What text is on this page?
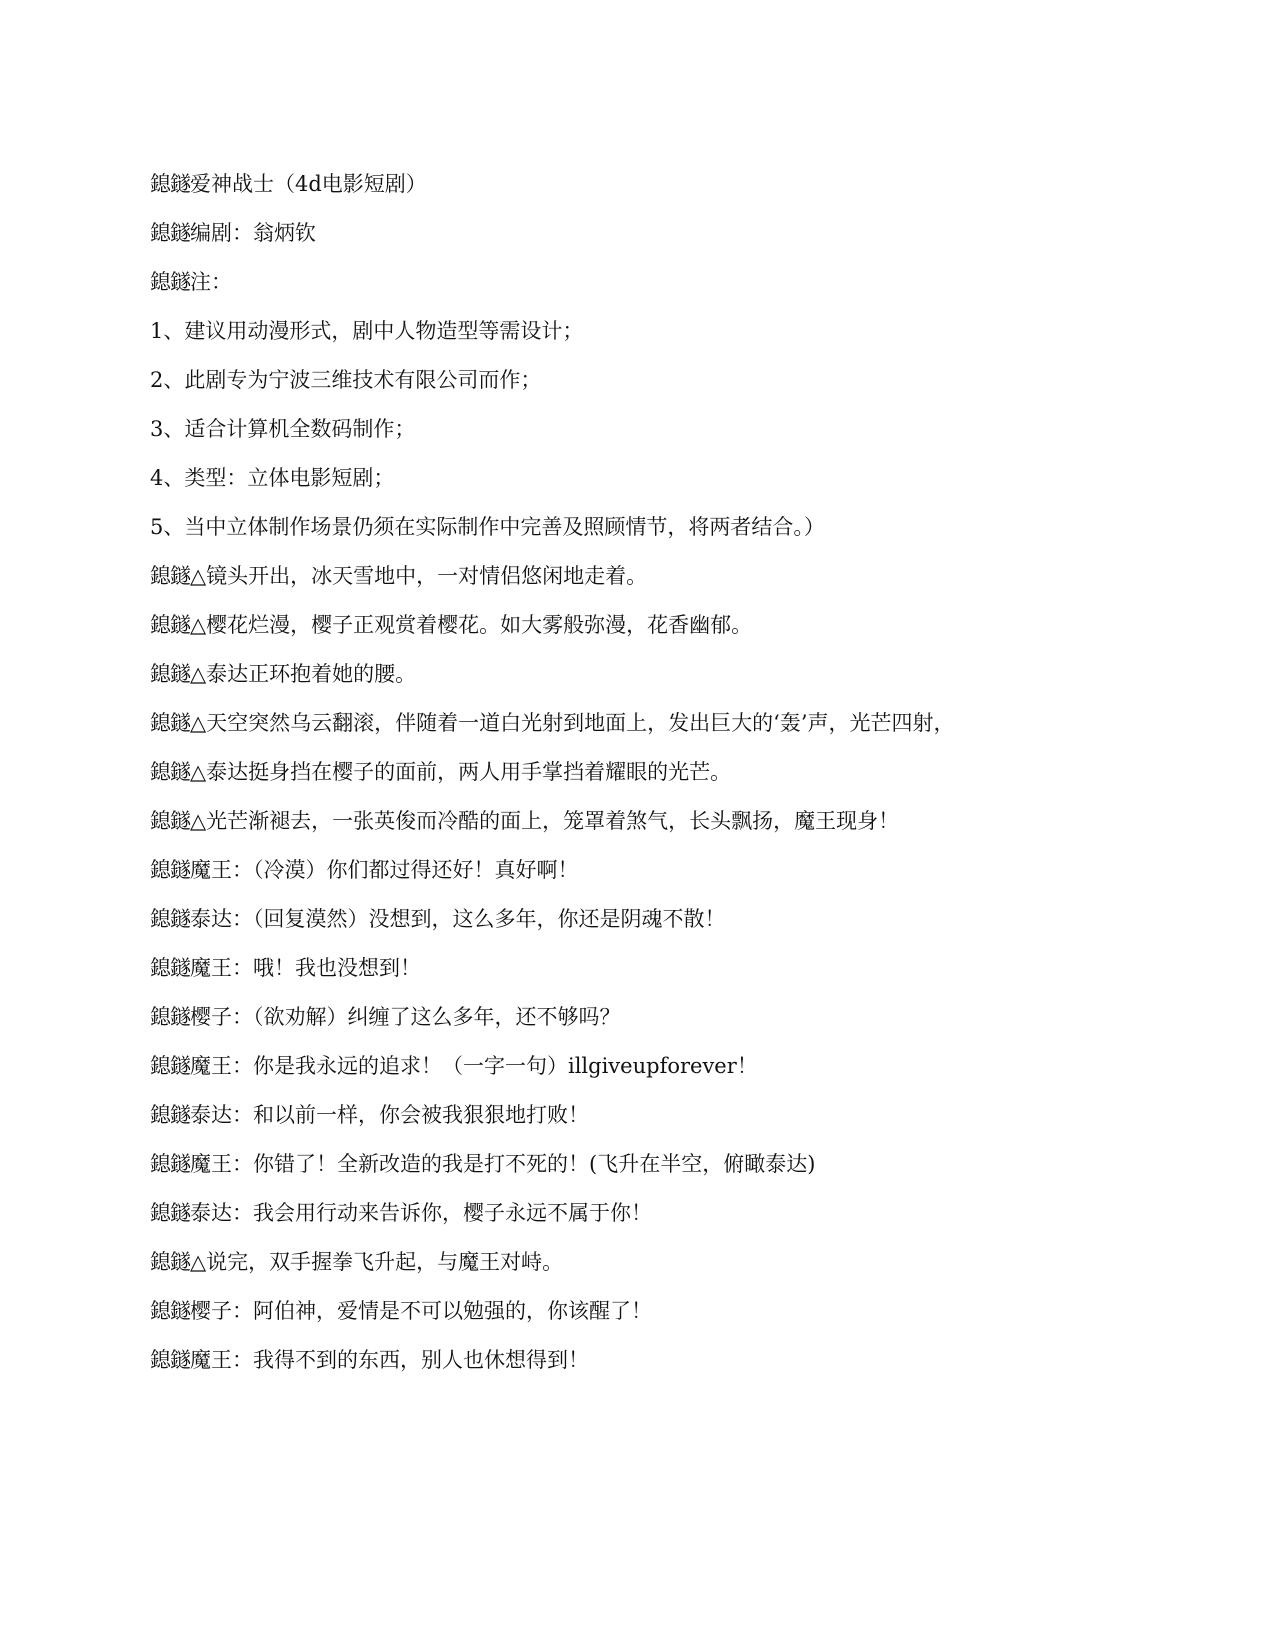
鎴鐩爱神战士（4d电影短剧）
鎴鐩编剧：翁炳钦
鎴鐩注：
1、建议用动漫形式，剧中人物造型等需设计；
2、此剧专为宁波三维技术有限公司而作；
3、适合计算机全数码制作；
4、类型：立体电影短剧；
5、当中立体制作场景仍须在实际制作中完善及照顾情节，将两者结合。）
鎴鐩△镜头开出，冰天雪地中，一对情侣悠闲地走着。
鎴鐩△樱花烂漫，樱子正观赏着樱花。如大雾般弥漫，花香幽郁。
鎴鐩△泰达正环抱着她的腰。
鎴鐩△天空突然乌云翻滚，伴随着一道白光射到地面上，发出巨大的‘轰’声，光芒四射，
鎴鐩△泰达挺身挡在樱子的面前，两人用手掌挡着耀眼的光芒。
鎴鐩△光芒渐褪去，一张英俊而冷酷的面上，笼罩着煞气，长头飘扬，魔王现身！
鎴鐩魔王：（冷漠）你们都过得还好！真好啊！
鎴鐩泰达：（回复漠然）没想到，这么多年，你还是阴魂不散！
鎴鐩魔王：哦！我也没想到！
鎴鐩樱子：（欲劝解）纠缠了这么多年，还不够吗？
鎴鐩魔王：你是我永远的追求！（一字一句）illgiveupforever！
鎴鐩泰达：和以前一样，你会被我狠狠地打败！
鎴鐩魔王：你错了！全新改造的我是打不死的！(飞升在半空，俯瞰泰达)
鎴鐩泰达：我会用行动来告诉你，樱子永远不属于你！
鎴鐩△说完，双手握拳飞升起，与魔王对峙。
鎴鐩樱子：阿伯神，爱情是不可以勉强的，你该醒了！
鎴鐩魔王：我得不到的东西，别人也休想得到！
